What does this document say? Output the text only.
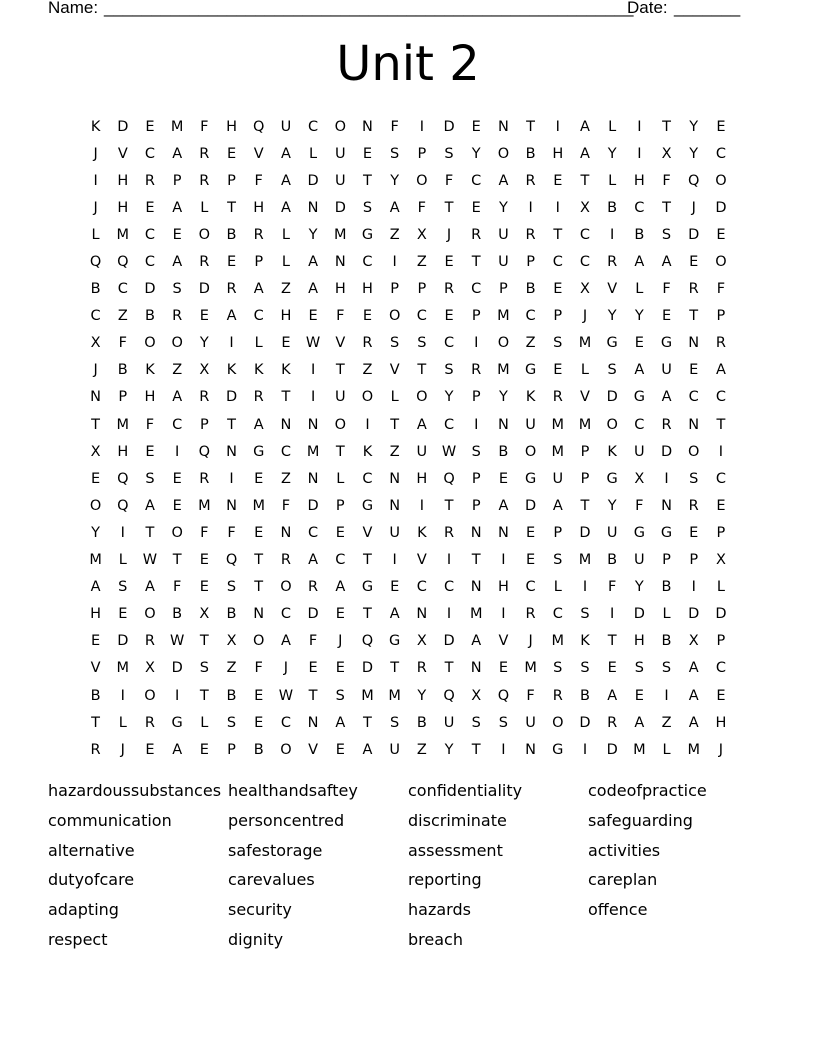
Name: ________________________________________________________
Date: _______
Unit 2
K	D	E	M	F	H	Q	U	C	O	N	F	I	D	E	N	T	I	A	L	I	T	Y	E
J	V	C	A	R	E	V	A	L	U	E	S	P	S	Y	O	B	H	A	Y	I	X	Y	C
I	H	R	P	R	P	F	A	D	U	T	Y	O	F	C	A	R	E	T	L	H	F	Q	O
J	H	E	A	L	T	H	A	N	D	S	A	F	T	E	Y	I	I	X	B	C	T	J	D
L	M	C	E	O	B	R	L	Y	M	G	Z	X	J	R	U	R	T	C	I	B	S	D	E
Q	Q	C	A	R	E	P	L	A	N	C	I	Z	E	T	U	P	C	C	R	A	A	E	O
B	C	D	S	D	R	A	Z	A	H	H	P	P	R	C	P	B	E	X	V	L	F	R	F
C	Z	B	R	E	A	C	H	E	F	E	O	C	E	P	M	C	P	J	Y	Y	E	T	P
X	F	O	O	Y	I	L	E	W	V	R	S	S	C	I	O	Z	S	M	G	E	G	N	R
J	B	K	Z	X	K	K	K	I	T	Z	V	T	S	R	M	G	E	L	S	A	U	E	A
N	P	H	A	R	D	R	T	I	U	O	L	O	Y	P	Y	K	R	V	D	G	A	C	C
T	M	F	C	P	T	A	N	N	O	I	T	A	C	I	N	U	M	M	O	C	R	N	T
X	H	E	I	Q	N	G	C	M	T	K	Z	U	W	S	B	O	M	P	K	U	D	O	I
E	Q	S	E	R	I	E	Z	N	L	C	N	H	Q	P	E	G	U	P	G	X	I	S	C
O	Q	A	E	M	N	M	F	D	P	G	N	I	T	P	A	D	A	T	Y	F	N	R	E
Y	I	T	O	F	F	E	N	C	E	V	U	K	R	N	N	E	P	D	U	G	G	E	P
M	L	W	T	E	Q	T	R	A	C	T	I	V	I	T	I	E	S	M	B	U	P	P	X
A	S	A	F	E	S	T	O	R	A	G	E	C	C	N	H	C	L	I	F	Y	B	I	L
H	E	O	B	X	B	N	C	D	E	T	A	N	I	M	I	R	C	S	I	D	L	D	D
E	D	R	W	T	X	O	A	F	J	Q	G	X	D	A	V	J	M	K	T	H	B	X	P
V	M	X	D	S	Z	F	J	E	E	D	T	R	T	N	E	M	S	S	E	S	S	A	C
B	I	O	I	T	B	E	W	T	S	M	M	Y	Q	X	Q	F	R	B	A	E	I	A	E
T	L	R	G	L	S	E	C	N	A	T	S	B	U	S	S	U	O	D	R	A	Z	A	H
R	J	E	A	E	P	B	O	V	E	A	U	Z	Y	T	I	N	G	I	D	M	L	M	J
hazardoussubstances healthandsaftey	confidentiality	codeofpractice
communication	personcentred	discriminate	safeguarding
alternative	safestorage	assessment	activities
dutyofcare	carevalues	reporting	careplan
adapting	security	hazards	offence
respect	dignity	breach
